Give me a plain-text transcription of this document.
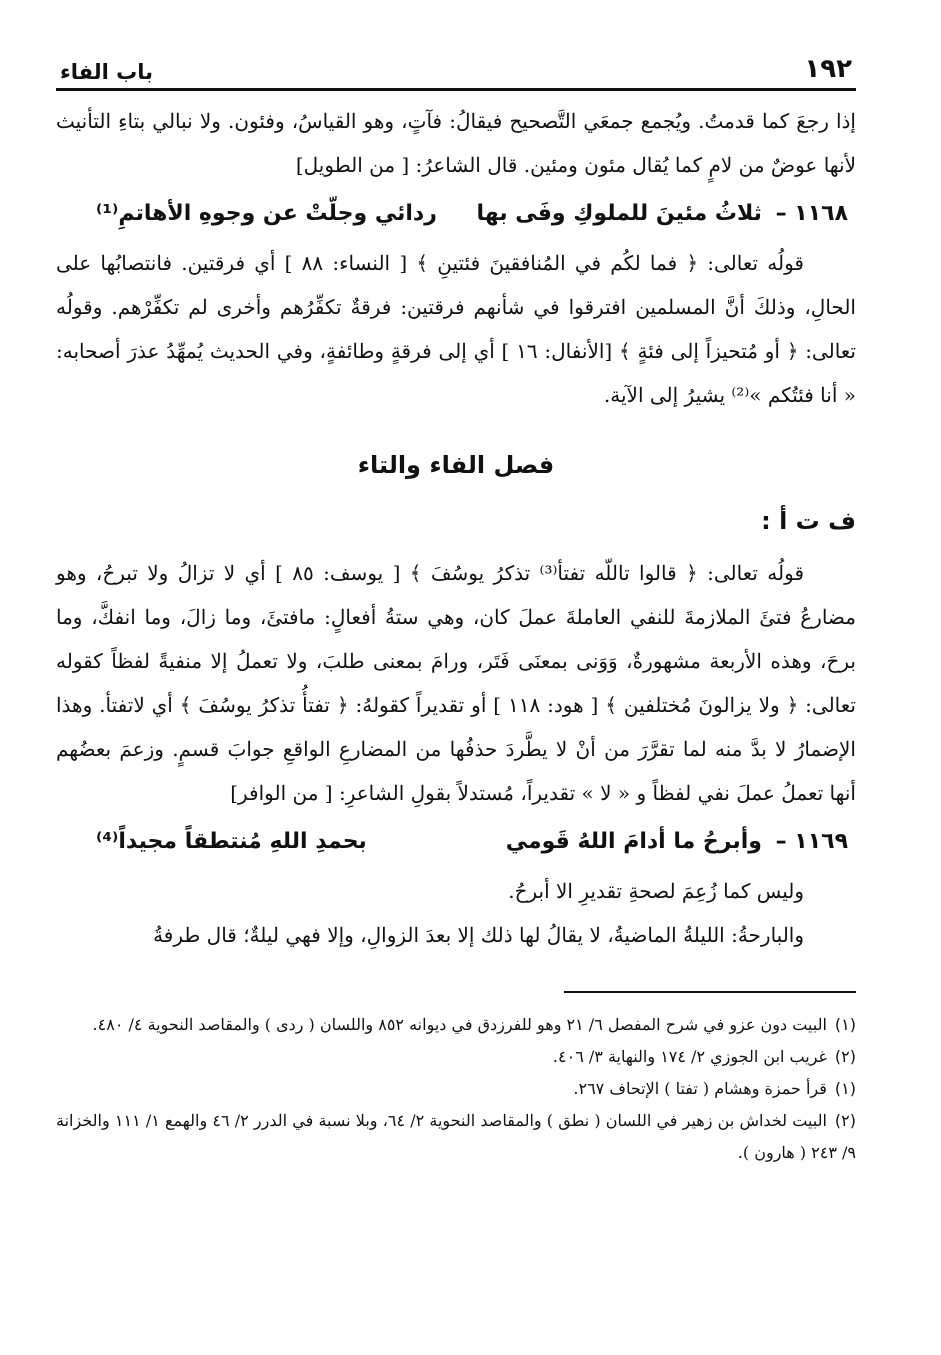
١٩٢
باب الفاء

إذا رجعَ كما قدمتُ. ويُجمع جمعَي التَّصحيح فيقالُ: فآتٍ، وهو القياسُ، وفئون. ولا نبالي بتاءِ التأنيث لأنها عوضٌ من لامٍ كما يُقال مئون ومئين. قال الشاعرُ: [ من الطويل]

١١٦٨ – ثلاثُ مئينَ للملوكِ وفَى بها
ردائي وجلّتْ عن وجوهِ الأهاتمِ⁽¹⁾

قولُه تعالى: ﴿ فما لكُم في المُنافقينَ فئتينِ ﴾ [ النساء: ٨٨ ] أي فرقتين. فانتصابُها على الحالِ، وذلكَ أنَّ المسلمين افترقوا في شأنهم فرقتين: فرقةٌ تكفِّرُهم وأخرى لم تكفِّرْهم. وقولُه تعالى: ﴿ أو مُتحيزاً إلى فئةٍ ﴾ [الأنفال: ١٦ ] أي إلى فرقةٍ وطائفةٍ، وفي الحديث يُمهِّدُ عذرَ أصحابه: « أنا فئتُكم »⁽²⁾ يشيرُ إلى الآية.

فصل الفاء والتاء
ف ت أ :

قولُه تعالى: ﴿ قالوا تاللّه تفتأ⁽³⁾ تذكرُ يوسُفَ ﴾ [ يوسف: ٨٥ ] أي لا تزالُ ولا تبرحُ، وهو مضارعُ فتئَ الملازمةَ للنفي العاملةَ عملَ كان، وهي ستةُ أفعالٍ: مافتئَ، وما زالَ، وما انفكَّ، وما برحَ، وهذه الأربعة مشهورةٌ، وَوَنى بمعنَى فَتَر، ورامَ بمعنى طلبَ، ولا تعملُ إلا منفيةً لفظاً كقوله تعالى: ﴿ ولا يزالونَ مُختلفين ﴾ [ هود: ١١٨ ] أو تقديراً كقولهُ: ﴿ تفتأُ تذكرُ يوسُفَ ﴾ أي لاتفتأ. وهذا الإضمارُ لا بدَّ منه لما تقرَّرَ من أنْ لا يطَّردَ حذفُها من المضارعِ الواقعِ جوابَ قسمٍ. وزعمَ بعضُهم أنها تعملُ عملَ نفي لفظاً و « لا » تقديراً، مُستدلاً بقولِ الشاعرِ: [ من الوافر]

١١٦٩ – وأبرحُ ما أدامَ اللهُ قَومي
بحمدِ اللهِ مُنتطقاً مجيداً⁽⁴⁾

وليس كما زُعِمَ لصحةِ تقديرِ الا أبرحُ.

والبارحةُ: الليلةُ الماضيةُ، لا يقالُ لها ذلك إلا بعدَ الزوالِ، وإلا فهي ليلةٌ؛ قال طرفةُ

(١)البيت دون عزو في شرح المفصل ٦/ ٢١ وهو للفرزدق في ديوانه ٨٥٢ واللسان ( ردى ) والمقاصد النحوية ٤/ ٤٨٠.

(٢)غريب ابن الجوزي ٢/ ١٧٤ والنهاية ٣/ ٤٠٦.

(١)قرأ حمزة وهشام ( تفتا ) الإتحاف ٢٦٧.

(٢)البيت لخداش بن زهير في اللسان ( نطق ) والمقاصد النحوية ٢/ ٦٤، وبلا نسبة في الدرر ٢/ ٤٦ والهمع ١/ ١١١ والخزانة ٩/ ٢٤٣ ( هارون ).
